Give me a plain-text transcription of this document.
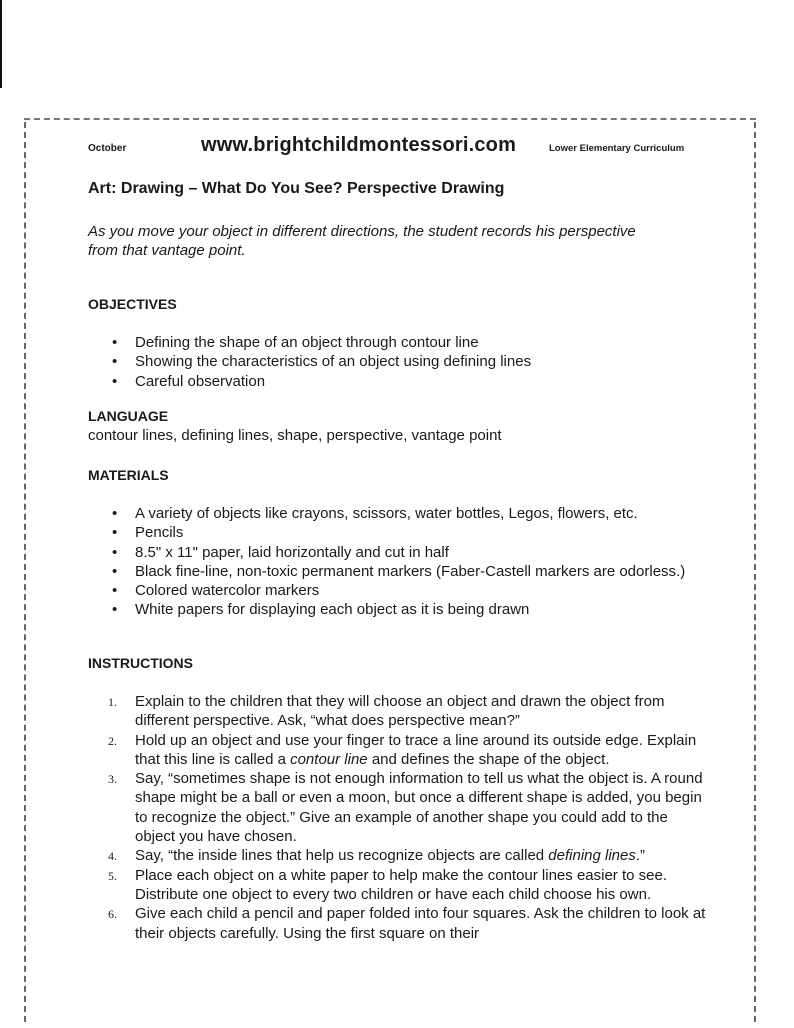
October	www.brightchildmontessori.com	Lower Elementary Curriculum
Art: Drawing – What Do You See? Perspective Drawing

As you move your object in different directions, the student records his perspective from that vantage point.

OBJECTIVES
• Defining the shape of an object through contour line
• Showing the characteristics of an object using defining lines
• Careful observation
LANGUAGE

contour lines, defining lines, shape, perspective, vantage point

MATERIALS
• A variety of objects like crayons, scissors, water bottles, Legos, flowers, etc.
• Pencils
• 8.5" x 11" paper, laid horizontally and cut in half
• Black fine-line, non-toxic permanent markers (Faber-Castell markers are odorless.)
• Colored watercolor markers
• White papers for displaying each object as it is being drawn
INSTRUCTIONS
1. Explain to the children that they will choose an object and drawn the object from different perspective. Ask, “what does perspective mean?”
2. Hold up an object and use your finger to trace a line around its outside edge. Explain that this line is called a contour line and defines the shape of the object.
3. Say, “sometimes shape is not enough information to tell us what the object is. A round shape might be a ball or even a moon, but once a different shape is added, you begin to recognize the object.” Give an example of another shape you could add to the object you have chosen.
4. Say, “the inside lines that help us recognize objects are called defining lines.”
5. Place each object on a white paper to help make the contour lines easier to see. Distribute one object to every two children or have each child choose his own.
6. Give each child a pencil and paper folded into four squares. Ask the children to look at their objects carefully. Using the first square on their
